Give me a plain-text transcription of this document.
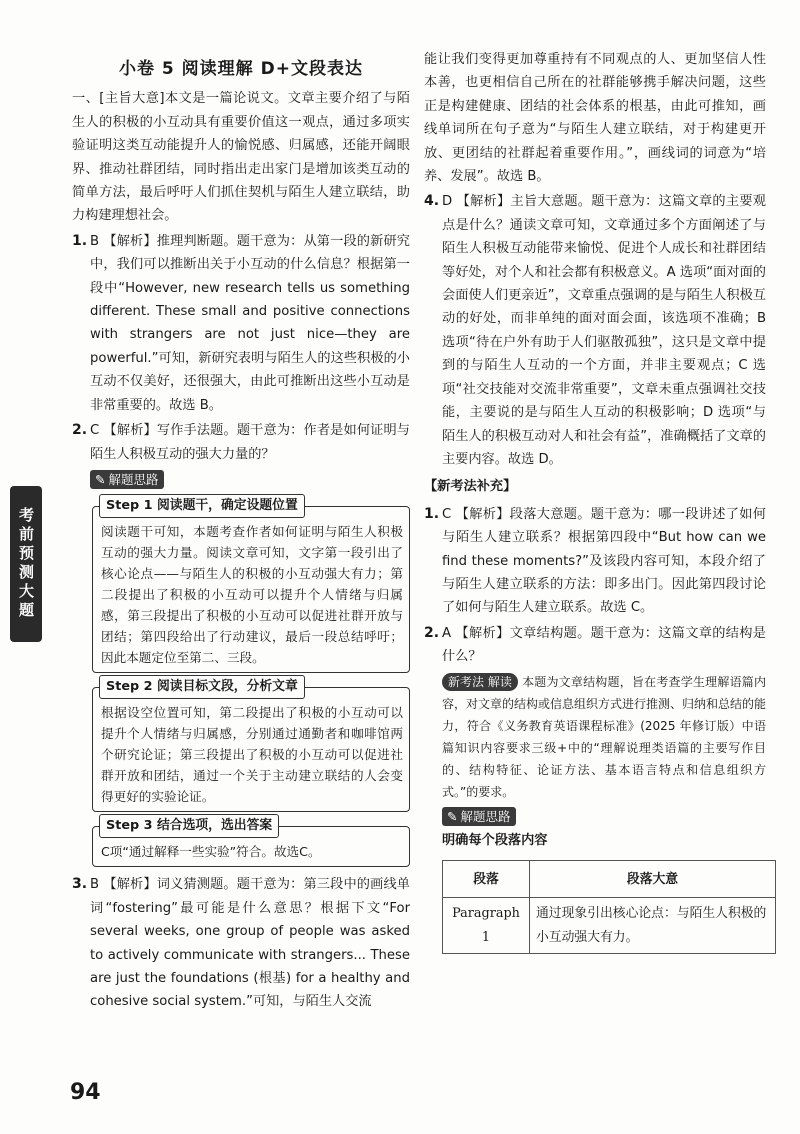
考前预测大题
小卷 5 阅读理解 D+文段表达

一、[主旨大意]本文是一篇论说文。文章主要介绍了与陌生人的积极的小互动具有重要价值这一观点，通过多项实验证明这类互动能提升人的愉悦感、归属感，还能开阔眼界、推动社群团结，同时指出走出家门是增加该类互动的简单方法，最后呼吁人们抓住契机与陌生人建立联结，助力构建理想社会。

1. B 【解析】推理判断题。题干意为：从第一段的新研究中，我们可以推断出关于小互动的什么信息？根据第一段中“However, new research tells us something different. These small and positive connections with strangers are not just nice—they are powerful.”可知，新研究表明与陌生人的这些积极的小互动不仅美好，还很强大，由此可推断出这些小互动是非常重要的。故选 B。

2. C 【解析】写作手法题。题干意为：作者是如何证明与陌生人积极互动的强大力量的？

✎ 解题思路
Step 1 阅读题干，确定设题位置

阅读题干可知，本题考查作者如何证明与陌生人积极互动的强大力量。阅读文章可知，文字第一段引出了核心论点——与陌生人的积极的小互动强大有力；第二段提出了积极的小互动可以提升个人情绪与归属感，第三段提出了积极的小互动可以促进社群开放与团结；第四段给出了行动建议，最后一段总结呼吁；因此本题定位至第二、三段。

Step 2 阅读目标文段，分析文章

根据设空位置可知，第二段提出了积极的小互动可以提升个人情绪与归属感，分别通过通勤者和咖啡馆两个研究论证；第三段提出了积极的小互动可以促进社群开放和团结，通过一个关于主动建立联结的人会变得更好的实验论证。

Step 3 结合选项，选出答案

C项“通过解释一些实验”符合。故选C。

3. B 【解析】词义猜测题。题干意为：第三段中的画线单词“fostering”最可能是什么意思？根据下文“For several weeks, one group of people was asked to actively communicate with strangers... These are just the foundations (根基) for a healthy and cohesive social system.”可知，与陌生人交流

能让我们变得更加尊重持有不同观点的人、更加坚信人性本善，也更相信自己所在的社群能够携手解决问题，这些正是构建健康、团结的社会体系的根基，由此可推知，画线单词所在句子意为“与陌生人建立联结，对于构建更开放、更团结的社群起着重要作用。”，画线词的词意为“培养、发展”。故选 B。

4. D 【解析】主旨大意题。题干意为：这篇文章的主要观点是什么？通读文章可知，文章通过多个方面阐述了与陌生人积极互动能带来愉悦、促进个人成长和社群团结等好处，对个人和社会都有积极意义。A 选项“面对面的会面使人们更亲近”，文章重点强调的是与陌生人积极互动的好处，而非单纯的面对面会面，该选项不准确；B 选项“待在户外有助于人们驱散孤独”，这只是文章中提到的与陌生人互动的一个方面，并非主要观点；C 选项“社交技能对交流非常重要”，文章未重点强调社交技能，主要说的是与陌生人互动的积极影响；D 选项“与陌生人的积极互动对人和社会有益”，准确概括了文章的主要内容。故选 D。

【新考法补充】
1. C 【解析】段落大意题。题干意为：哪一段讲述了如何与陌生人建立联系？根据第四段中“But how can we find these moments?”及该段内容可知，本段介绍了与陌生人建立联系的方法：即多出门。因此第四段讨论了如何与陌生人建立联系。故选 C。

2. A 【解析】文章结构题。题干意为：这篇文章的结构是什么？

新考法 解读 本题为文章结构题，旨在考查学生理解语篇内容，对文章的结构或信息组织方式进行推测、归纳和总结的能力，符合《义务教育英语课程标准》(2025 年修订版）中语篇知识内容要求三级+中的“理解说理类语篇的主要写作目的、结构特征、论证方法、基本语言特点和信息组织方式。”的要求。

✎ 解题思路
明确每个段落内容
段落	段落大意
Paragraph 1	通过现象引出核心论点：与陌生人积极的小互动强大有力。
94
